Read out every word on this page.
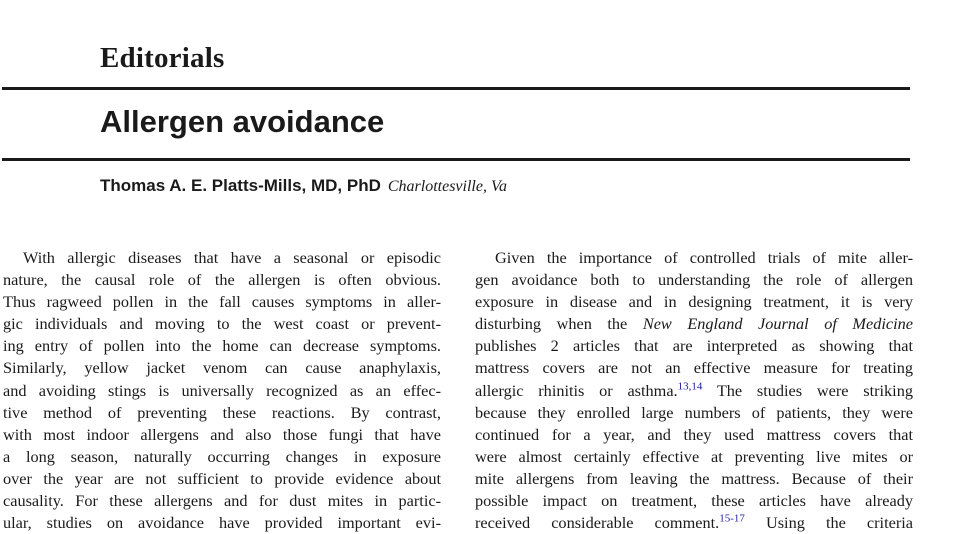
Editorials
Allergen avoidance
Thomas A. E. Platts-Mills, MD, PhD Charlottesville, Va
With allergic diseases that have a seasonal or episodic
nature, the causal role of the allergen is often obvious.
Thus ragweed pollen in the fall causes symptoms in aller-
gic individuals and moving to the west coast or prevent-
ing entry of pollen into the home can decrease symptoms.
Similarly, yellow jacket venom can cause anaphylaxis,
and avoiding stings is universally recognized as an effec-
tive method of preventing these reactions. By contrast,
with most indoor allergens and also those fungi that have
a long season, naturally occurring changes in exposure
over the year are not sufficient to provide evidence about
causality. For these allergens and for dust mites in partic-
ular, studies on avoidance have provided important evi-
Given the importance of controlled trials of mite aller-
gen avoidance both to understanding the role of allergen
exposure in disease and in designing treatment, it is very
disturbing when the New England Journal of Medicine
publishes 2 articles that are interpreted as showing that
mattress covers are not an effective measure for treating
allergic rhinitis or asthma.$^{13,14}$ The studies were striking
because they enrolled large numbers of patients, they were
continued for a year, and they used mattress covers that
were almost certainly effective at preventing live mites or
mite allergens from leaving the mattress. Because of their
possible impact on treatment, these articles have already
received considerable comment.$^{15-17}$ Using the criteria
